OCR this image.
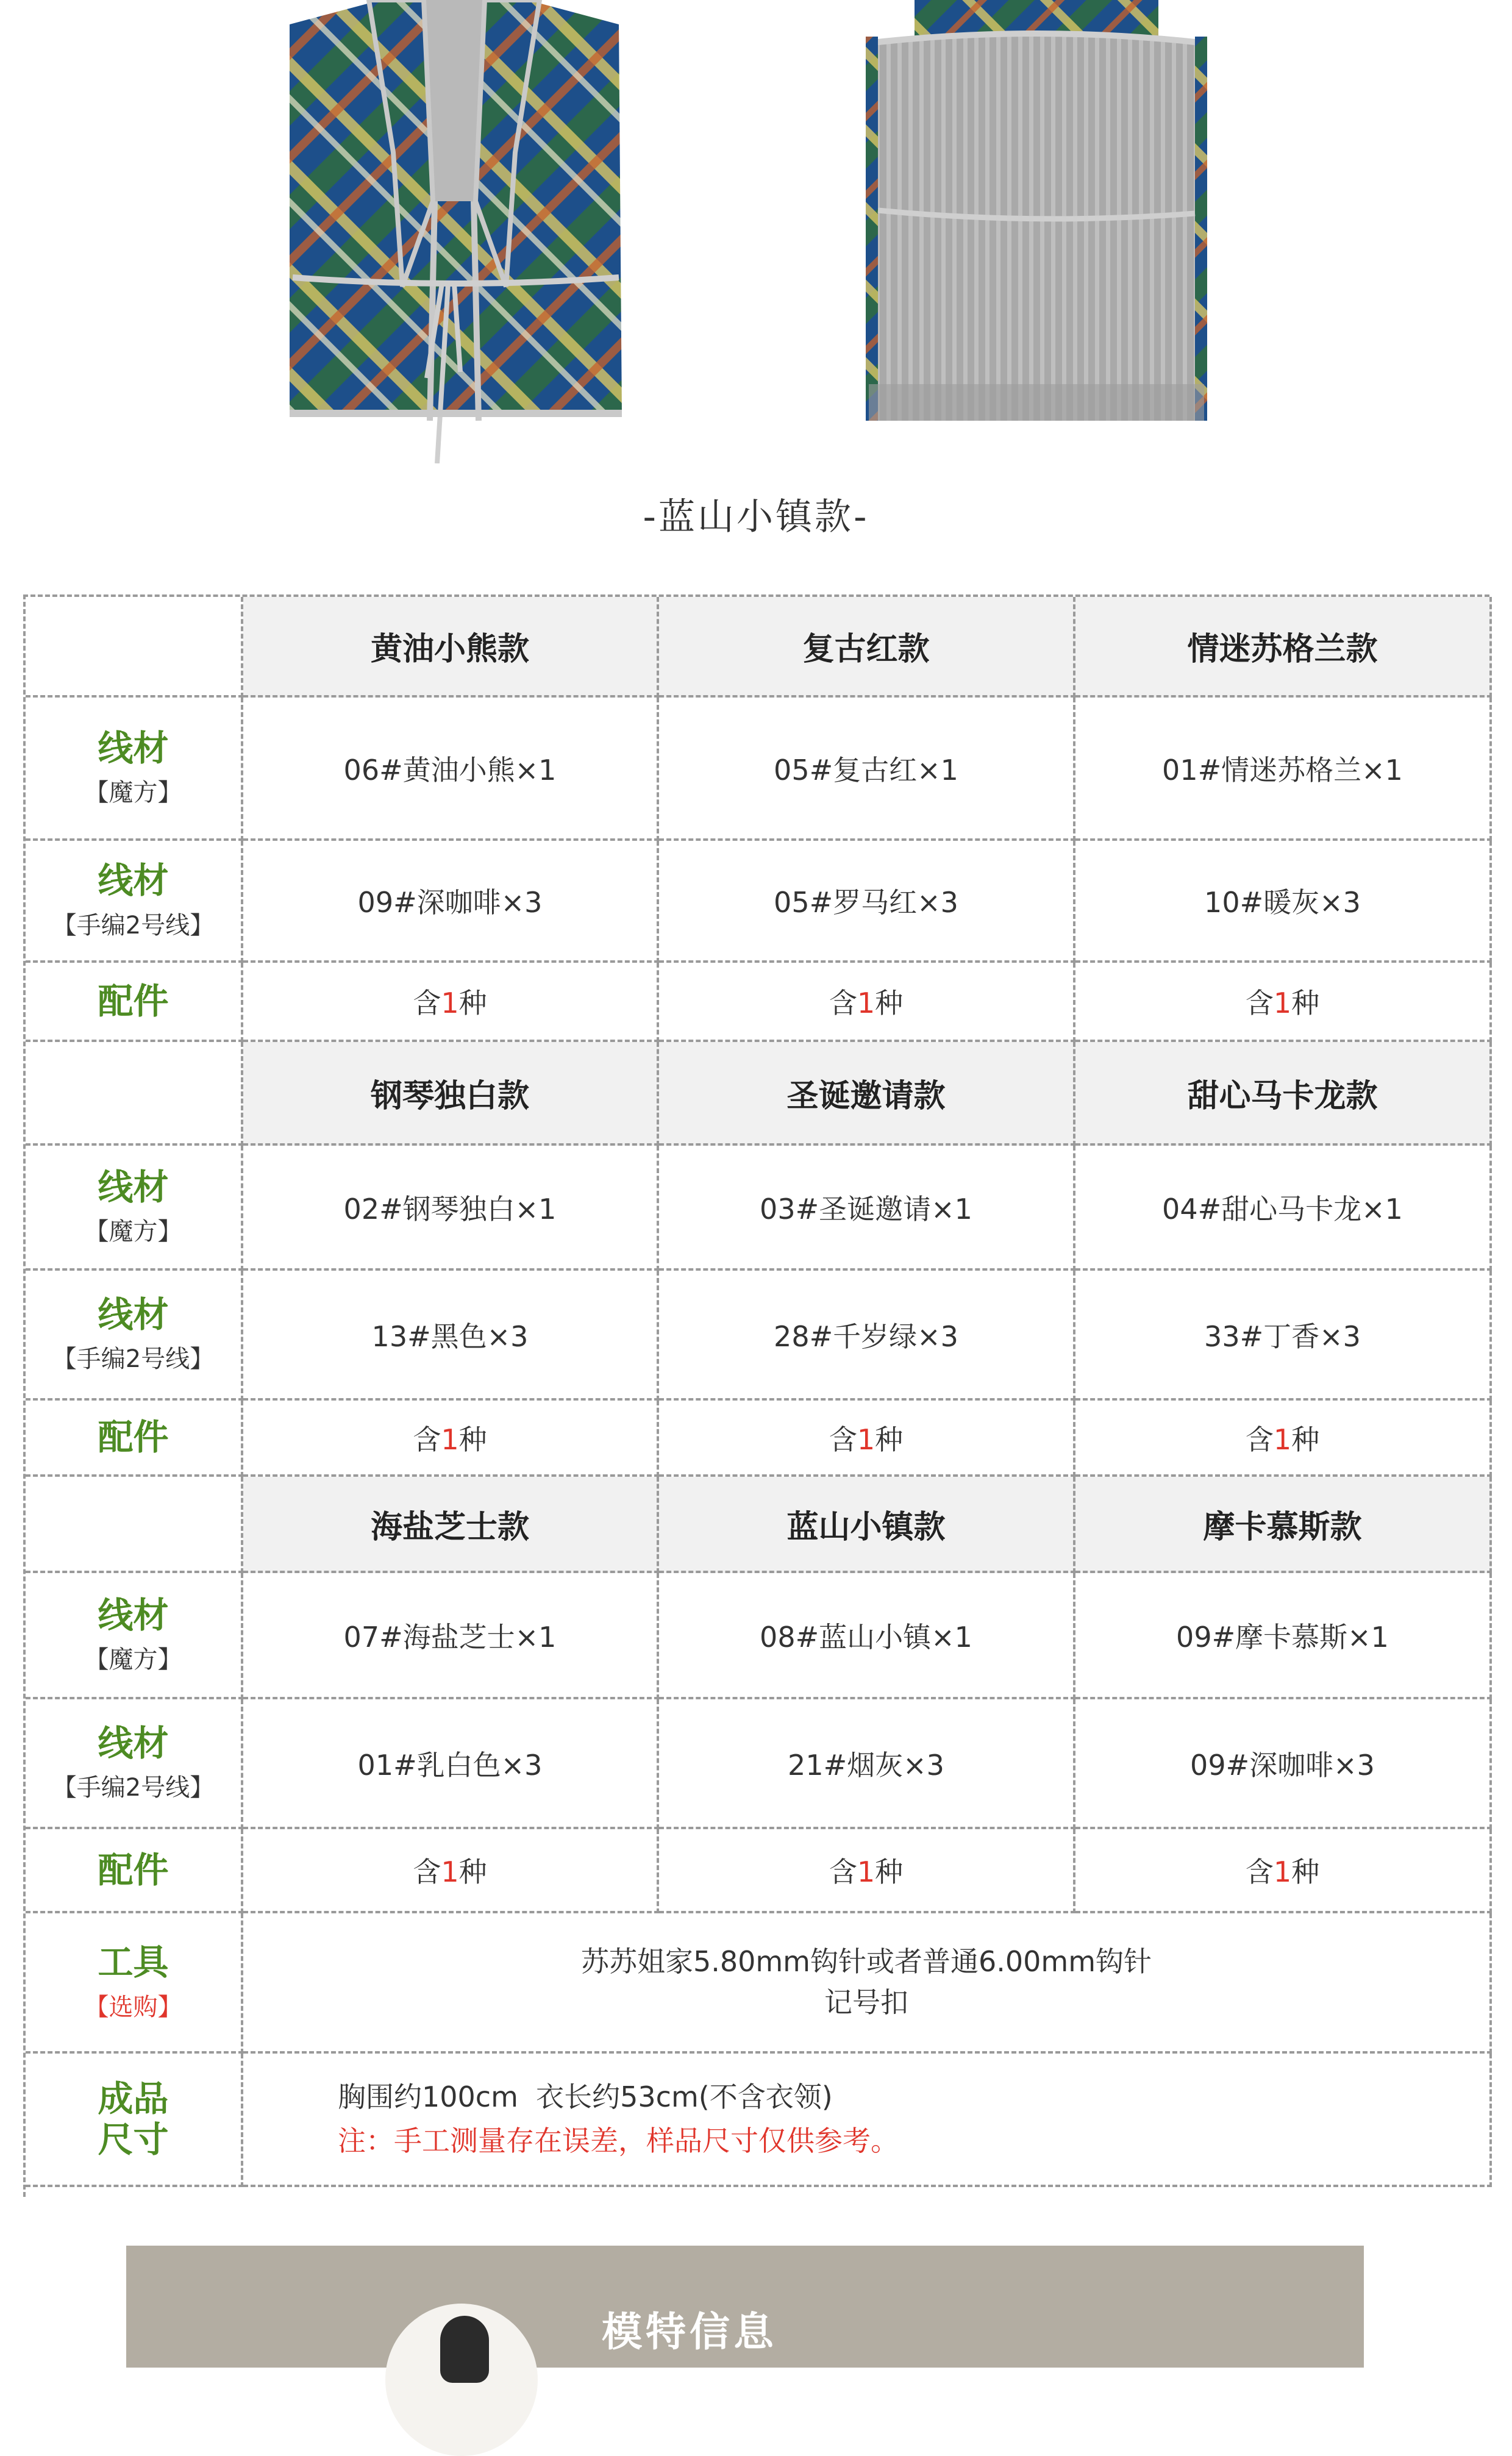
-蓝山小镇款-
黄油小熊款	复古红款	情迷苏格兰款
线材
【魔方】
06#黄油小熊×1	05#复古红×1	01#情迷苏格兰×1
线材
【手编2号线】
09#深咖啡×3	05#罗马红×3	10#暖灰×3
配件	含1种	含1种	含1种
钢琴独白款	圣诞邀请款	甜心马卡龙款
线材
【魔方】
02#钢琴独白×1	03#圣诞邀请×1	04#甜心马卡龙×1
线材
【手编2号线】
13#黑色×3	28#千岁绿×3	33#丁香×3
配件	含1种	含1种	含1种
海盐芝士款	蓝山小镇款	摩卡慕斯款
线材
【魔方】
07#海盐芝士×1	08#蓝山小镇×1	09#摩卡慕斯×1
线材
【手编2号线】
01#乳白色×3	21#烟灰×3	09#深咖啡×3
配件	含1种	含1种	含1种
工具
【选购】
苏苏姐家5.80mm钩针或者普通6.00mm钩针
记号扣
成品
尺寸
胸围约100cm  衣长约53cm(不含衣领)
注：手工测量存在误差，样品尺寸仅供参考。
模特信息
